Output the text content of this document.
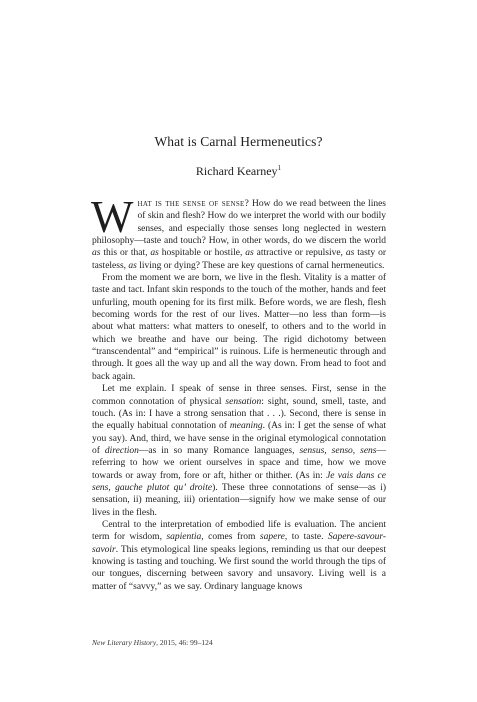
What is Carnal Hermeneutics?
Richard Kearney$^1$

What is the sense of sense? How do we read between the lines of skin and flesh? How do we interpret the world with our bodily senses, and especially those senses long neglected in western philosophy—taste and touch? How, in other words, do we discern the world as this or that, as hospitable or hostile, as attractive or repulsive, as tasty or tasteless, as living or dying? These are key questions of carnal hermeneutics.

From the moment we are born, we live in the flesh. Vitality is a matter of taste and tact. Infant skin responds to the touch of the mother, hands and feet unfurling, mouth opening for its first milk. Before words, we are flesh, flesh becoming words for the rest of our lives. Matter—no less than form—is about what matters: what matters to oneself, to others and to the world in which we breathe and have our being. The rigid dichotomy between “transcendental” and “empirical” is ruinous. Life is hermeneutic through and through. It goes all the way up and all the way down. From head to foot and back again.

Let me explain. I speak of sense in three senses. First, sense in the common connotation of physical sensation: sight, sound, smell, taste, and touch. (As in: I have a strong sensation that . . .). Second, there is sense in the equally habitual connotation of meaning. (As in: I get the sense of what you say). And, third, we have sense in the original etymological connotation of direction—as in so many Romance languages, sensus, senso, sens—referring to how we orient ourselves in space and time, how we move towards or away from, fore or aft, hither or thither. (As in: Je vais dans ce sens, gauche plutot qu’ droite). These three connotations of sense—as i) sensation, ii) meaning, iii) orientation—signify how we make sense of our lives in the flesh.

Central to the interpretation of embodied life is evaluation. The ancient term for wisdom, sapientia, comes from sapere, to taste. Sapere-savour-savoir. This etymological line speaks legions, reminding us that our deepest knowing is tasting and touching. We first sound the world through the tips of our tongues, discerning between savory and unsavory. Living well is a matter of “savvy,” as we say. Ordinary language knows

New Literary History, 2015, 46: 99–124
